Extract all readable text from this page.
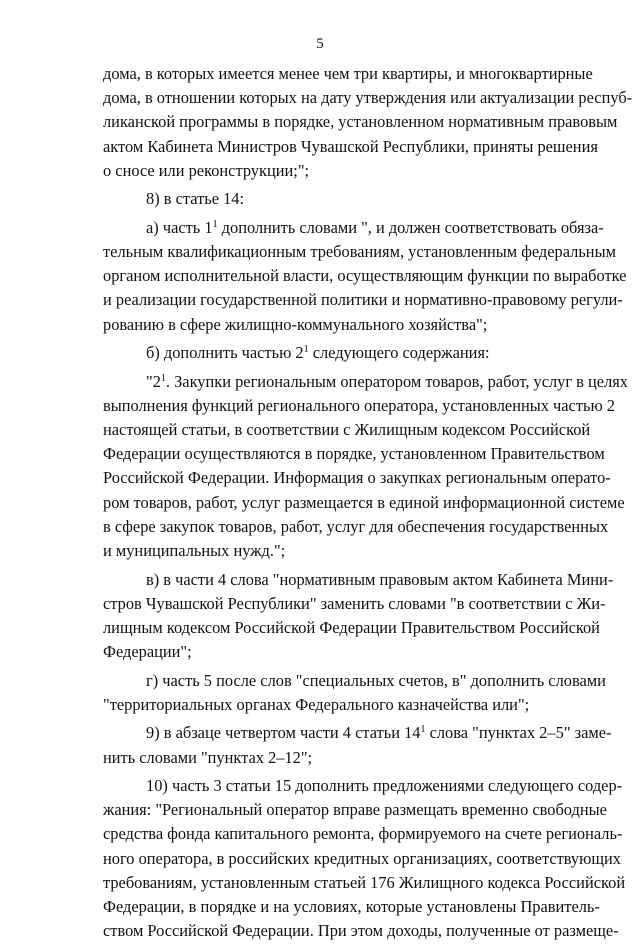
5
дома, в которых имеется менее чем три квартиры, и многоквартирные
дома, в отношении которых на дату утверждения или актуализации респуб-
ликанской программы в порядке, установленном нормативным правовым
актом Кабинета Министров Чувашской Республики, приняты решения
о сносе или реконструкции;";
8) в статье 14:
а) часть $1^1$ дополнить словами ", и должен соответствовать обяза-
тельным квалификационным требованиям, установленным федеральным
органом исполнительной власти, осуществляющим функции по выработке
и реализации государственной политики и нормативно-правовому регули-
рованию в сфере жилищно-коммунального хозяйства";
б) дополнить частью $2^1$ следующего содержания:
"$2^1$. Закупки региональным оператором товаров, работ, услуг в целях
выполнения функций регионального оператора, установленных частью 2
настоящей статьи, в соответствии с Жилищным кодексом Российской
Федерации осуществляются в порядке, установленном Правительством
Российской Федерации. Информация о закупках региональным операто-
ром товаров, работ, услуг размещается в единой информационной системе
в сфере закупок товаров, работ, услуг для обеспечения государственных
и муниципальных нужд.";
в) в части 4 слова "нормативным правовым актом Кабинета Мини-
стров Чувашской Республики" заменить словами "в соответствии с Жи-
лищным кодексом Российской Федерации Правительством Российской
Федерации";
г) часть 5 после слов "специальных счетов, в" дополнить словами
"территориальных органах Федерального казначейства или";
9) в абзаце четвертом части 4 статьи $14^1$ слова "пунктах 2–5" заме-
нить словами "пунктах 2–12";
10) часть 3 статьи 15 дополнить предложениями следующего содер-
жания: "Региональный оператор вправе размещать временно свободные
средства фонда капитального ремонта, формируемого на счете региональ-
ного оператора, в российских кредитных организациях, соответствующих
требованиям, установленным статьей 176 Жилищного кодекса Российской
Федерации, в порядке и на условиях, которые установлены Правитель-
ством Российской Федерации. При этом доходы, полученные от размеще-
